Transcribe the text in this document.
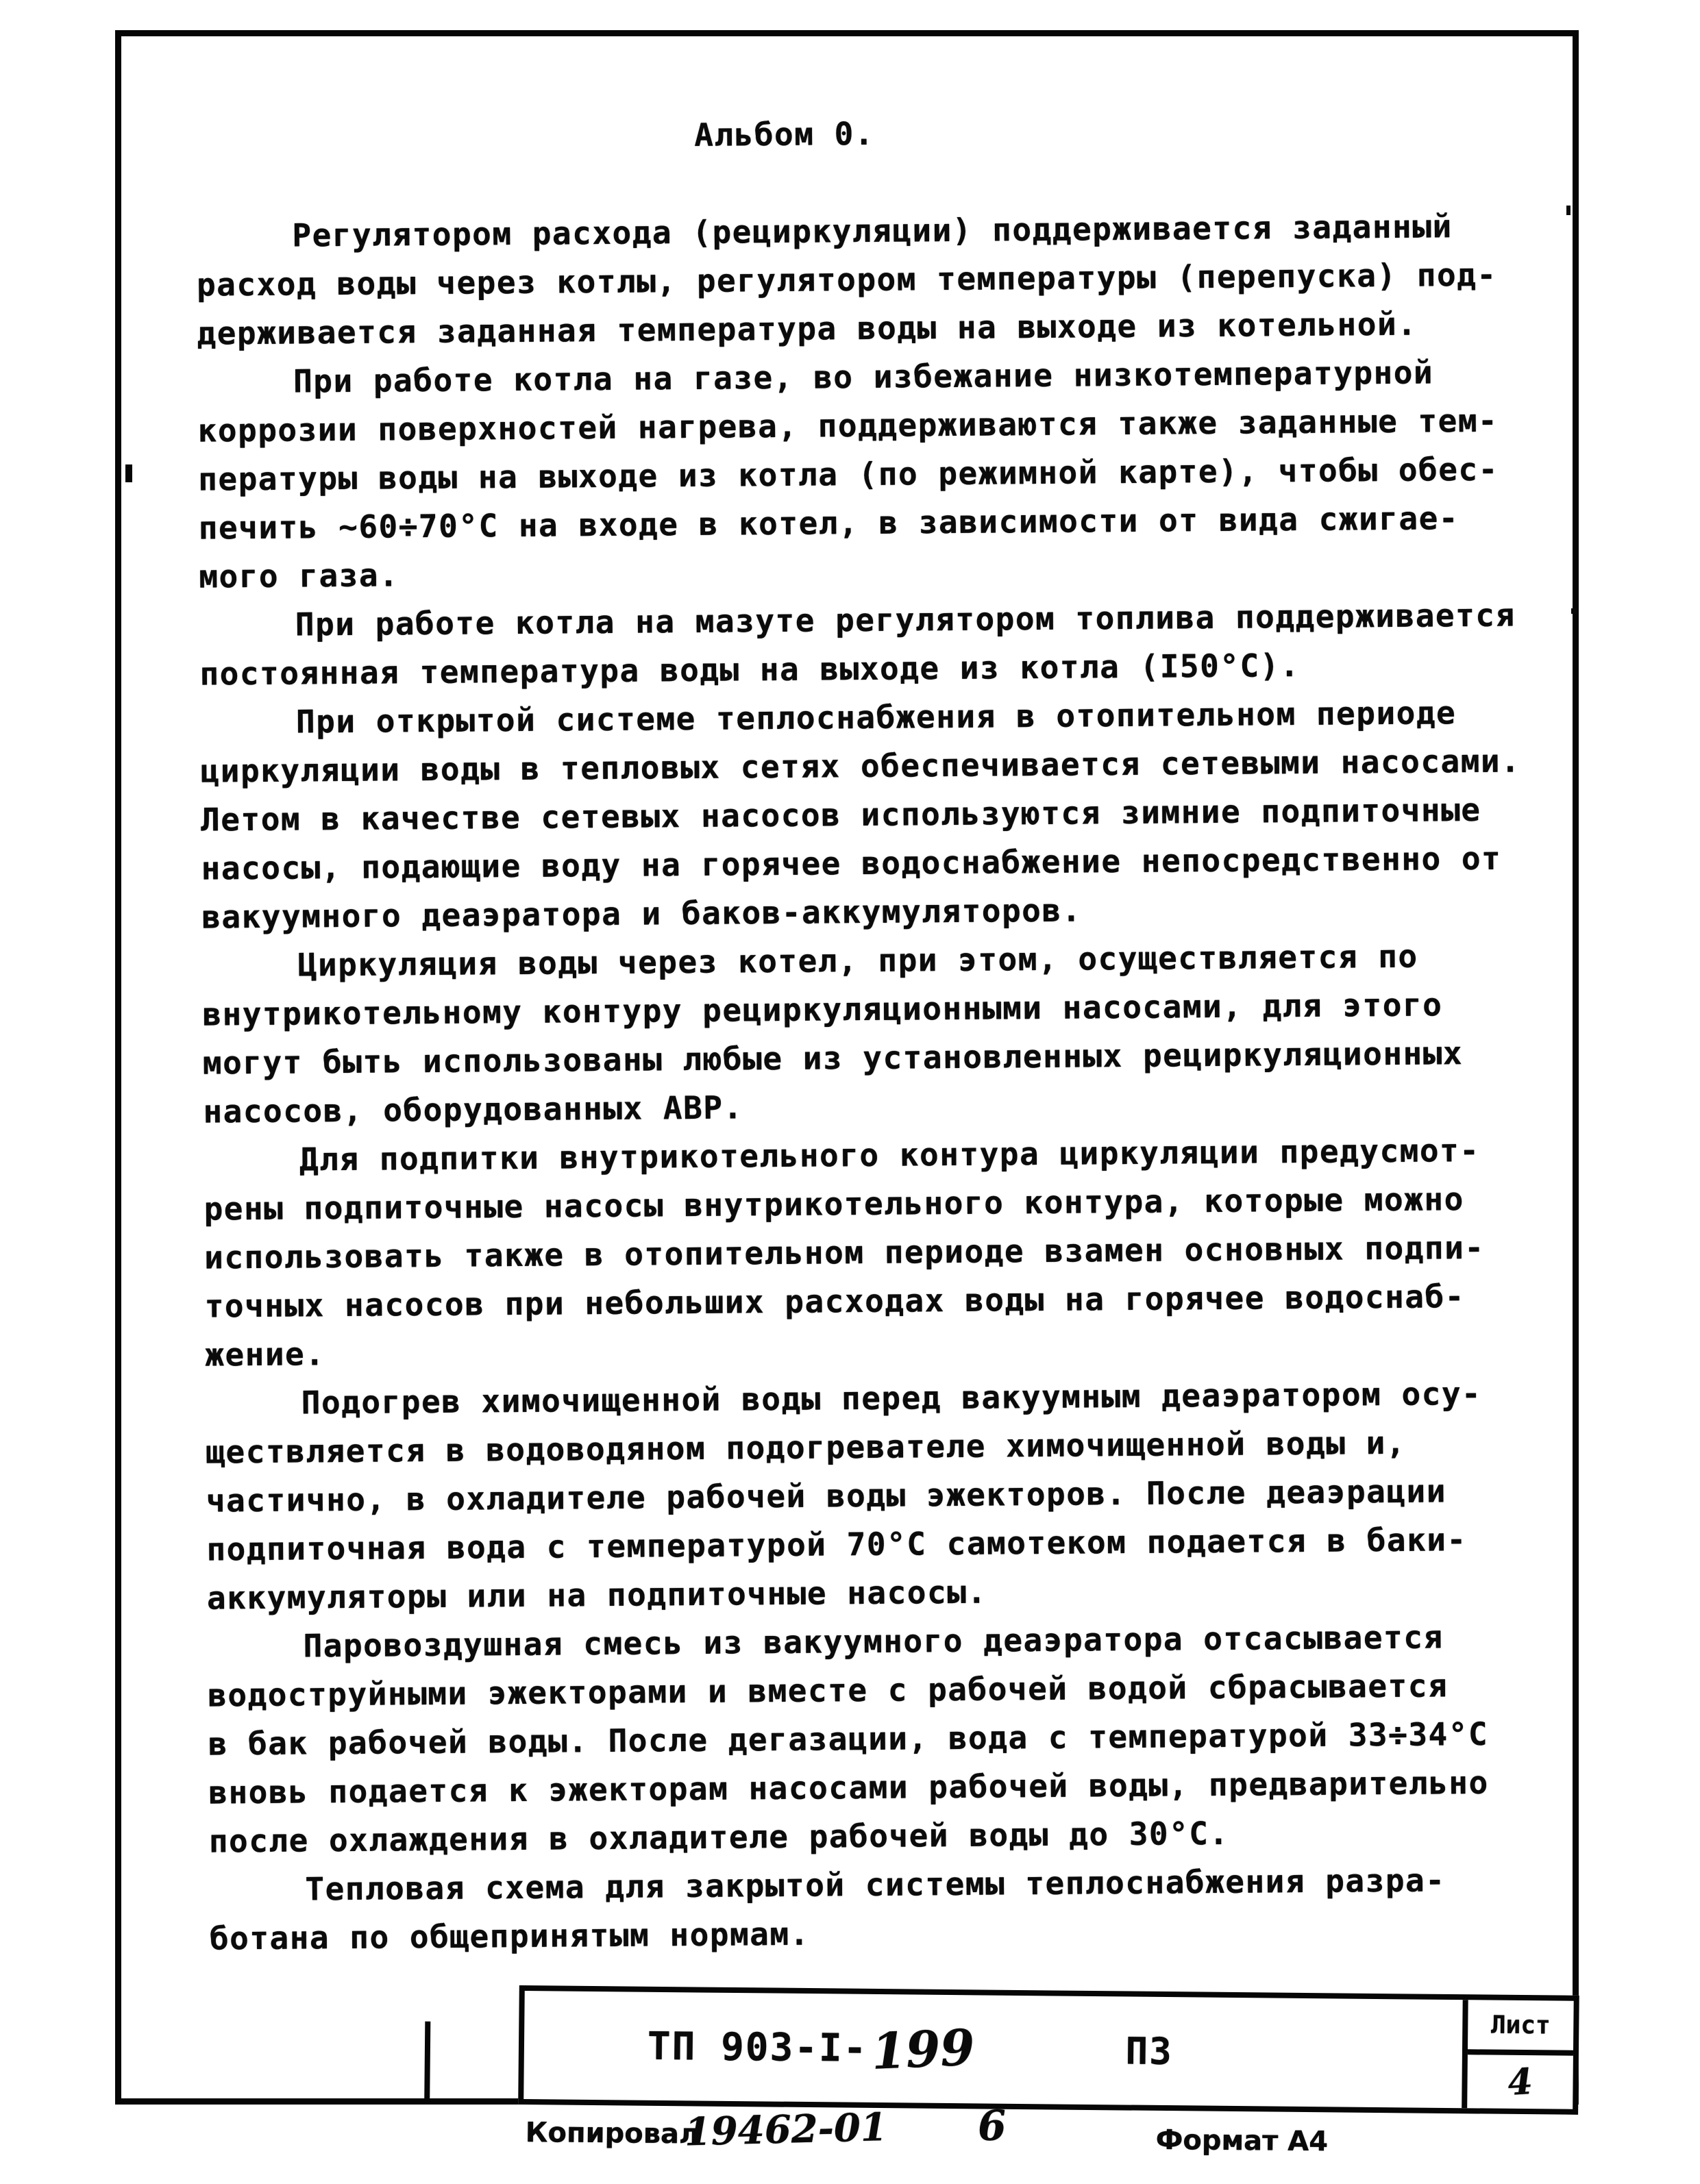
Альбом 0.
Регулятором расхода (рециркуляции) поддерживается заданный
расход воды через котлы, регулятором температуры (перепуска) под-
держивается заданная температура воды на выходе из котельной.
При работе котла на газе, во избежание низкотемпературной
коррозии поверхностей нагрева, поддерживаются также заданные тем-
пературы воды на выходе из котла (по режимной карте), чтобы обес-
печить ~60÷70°С на входе в котел, в зависимости от вида сжигае-
мого газа.
При работе котла на мазуте регулятором топлива поддерживается
постоянная температура воды на выходе из котла (I50°С).
При открытой системе теплоснабжения в отопительном периоде
циркуляции воды в тепловых сетях обеспечивается сетевыми насосами.
Летом в качестве сетевых насосов используются зимние подпиточные
насосы, подающие воду на горячее водоснабжение непосредственно от
вакуумного деаэратора и баков-аккумуляторов.
Циркуляция воды через котел, при этом, осуществляется по
внутрикотельному контуру рециркуляционными насосами, для этого
могут быть использованы любые из установленных рециркуляционных
насосов, оборудованных АВР.
Для подпитки внутрикотельного контура циркуляции предусмот-
рены подпиточные насосы внутрикотельного контура, которые можно
использовать также в отопительном периоде взамен основных подпи-
точных насосов при небольших расходах воды на горячее водоснаб-
жение.
Подогрев химочищенной воды перед вакуумным деаэратором осу-
ществляется в водоводяном подогревателе химочищенной воды и,
частично, в охладителе рабочей воды эжекторов. После деаэрации
подпиточная вода с температурой 70°С самотеком подается в баки-
аккумуляторы или на подпиточные насосы.
Паровоздушная смесь из вакуумного деаэратора отсасывается
водоструйными эжекторами и вместе с рабочей водой сбрасывается
в бак рабочей воды. После дегазации, вода с температурой 33÷34°С
вновь подается к эжекторам насосами рабочей воды, предварительно
после охлаждения в охладителе рабочей воды до 30°С.
Тепловая схема для закрытой системы теплоснабжения разра-
ботана по общепринятым нормам.
ТП 903-I- 199	ПЗ
Лист
4
Копировал
19462-01 6	Формат А4
